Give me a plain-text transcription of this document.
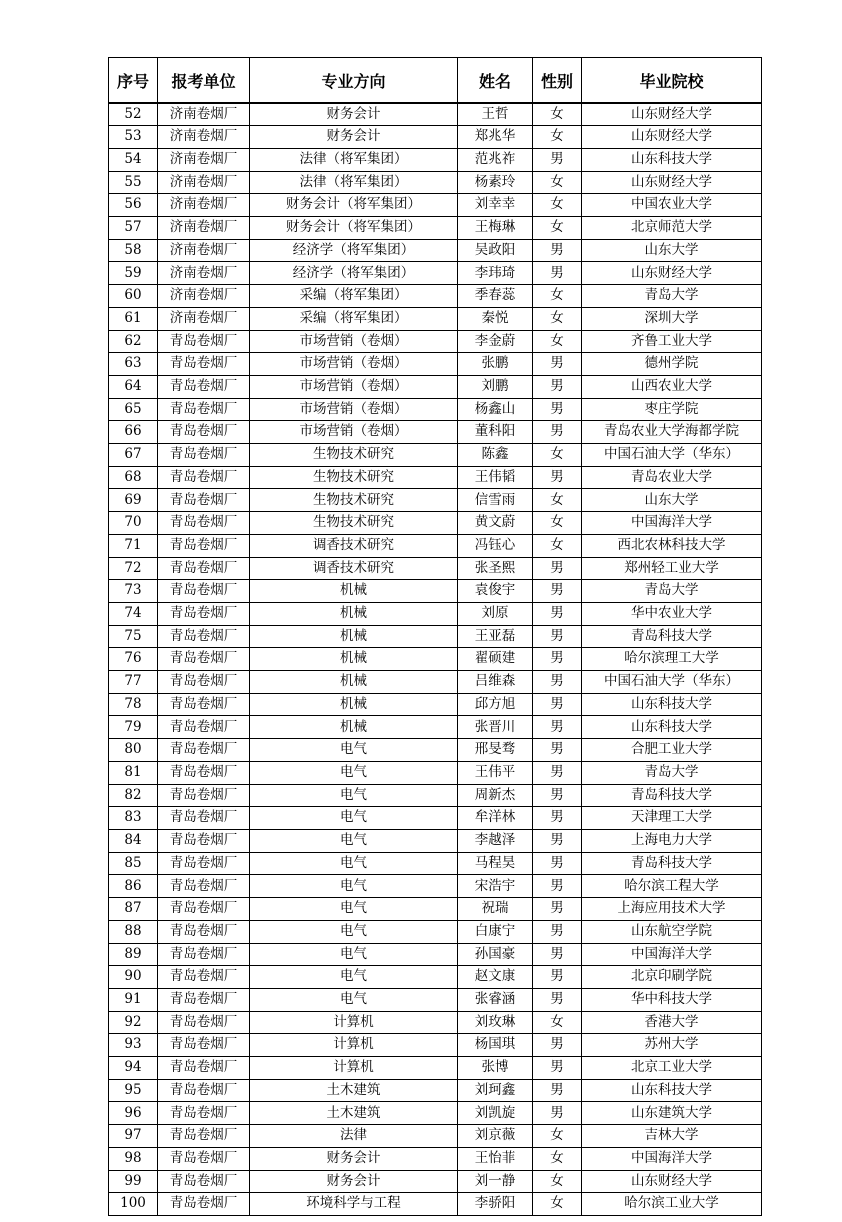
序号	报考单位	专业方向	姓名	性别	毕业院校
52	济南卷烟厂	财务会计	王哲	女	山东财经大学
53	济南卷烟厂	财务会计	郑兆华	女	山东财经大学
54	济南卷烟厂	法律（将军集团）	范兆祚	男	山东科技大学
55	济南卷烟厂	法律（将军集团）	杨素玲	女	山东财经大学
56	济南卷烟厂	财务会计（将军集团）	刘幸幸	女	中国农业大学
57	济南卷烟厂	财务会计（将军集团）	王梅琳	女	北京师范大学
58	济南卷烟厂	经济学（将军集团）	吴政阳	男	山东大学
59	济南卷烟厂	经济学（将军集团）	李玮琦	男	山东财经大学
60	济南卷烟厂	采编（将军集团）	季春蕊	女	青岛大学
61	济南卷烟厂	采编（将军集团）	秦悦	女	深圳大学
62	青岛卷烟厂	市场营销（卷烟）	李金蔚	女	齐鲁工业大学
63	青岛卷烟厂	市场营销（卷烟）	张鹏	男	德州学院
64	青岛卷烟厂	市场营销（卷烟）	刘鹏	男	山西农业大学
65	青岛卷烟厂	市场营销（卷烟）	杨鑫山	男	枣庄学院
66	青岛卷烟厂	市场营销（卷烟）	董科阳	男	青岛农业大学海都学院
67	青岛卷烟厂	生物技术研究	陈鑫	女	中国石油大学（华东）
68	青岛卷烟厂	生物技术研究	王伟韬	男	青岛农业大学
69	青岛卷烟厂	生物技术研究	信雪雨	女	山东大学
70	青岛卷烟厂	生物技术研究	黄文蔚	女	中国海洋大学
71	青岛卷烟厂	调香技术研究	冯钰心	女	西北农林科技大学
72	青岛卷烟厂	调香技术研究	张圣熙	男	郑州轻工业大学
73	青岛卷烟厂	机械	袁俊宇	男	青岛大学
74	青岛卷烟厂	机械	刘原	男	华中农业大学
75	青岛卷烟厂	机械	王亚磊	男	青岛科技大学
76	青岛卷烟厂	机械	翟硕建	男	哈尔滨理工大学
77	青岛卷烟厂	机械	吕维森	男	中国石油大学（华东）
78	青岛卷烟厂	机械	邱方旭	男	山东科技大学
79	青岛卷烟厂	机械	张晋川	男	山东科技大学
80	青岛卷烟厂	电气	邢旻骛	男	合肥工业大学
81	青岛卷烟厂	电气	王伟平	男	青岛大学
82	青岛卷烟厂	电气	周新杰	男	青岛科技大学
83	青岛卷烟厂	电气	牟洋林	男	天津理工大学
84	青岛卷烟厂	电气	李越泽	男	上海电力大学
85	青岛卷烟厂	电气	马程昊	男	青岛科技大学
86	青岛卷烟厂	电气	宋浩宇	男	哈尔滨工程大学
87	青岛卷烟厂	电气	祝瑞	男	上海应用技术大学
88	青岛卷烟厂	电气	白康宁	男	山东航空学院
89	青岛卷烟厂	电气	孙国豪	男	中国海洋大学
90	青岛卷烟厂	电气	赵文康	男	北京印刷学院
91	青岛卷烟厂	电气	张睿涵	男	华中科技大学
92	青岛卷烟厂	计算机	刘玫琳	女	香港大学
93	青岛卷烟厂	计算机	杨国琪	男	苏州大学
94	青岛卷烟厂	计算机	张博	男	北京工业大学
95	青岛卷烟厂	土木建筑	刘珂鑫	男	山东科技大学
96	青岛卷烟厂	土木建筑	刘凯旋	男	山东建筑大学
97	青岛卷烟厂	法律	刘京薇	女	吉林大学
98	青岛卷烟厂	财务会计	王怡菲	女	中国海洋大学
99	青岛卷烟厂	财务会计	刘一静	女	山东财经大学
100	青岛卷烟厂	环境科学与工程	李骄阳	女	哈尔滨工业大学
